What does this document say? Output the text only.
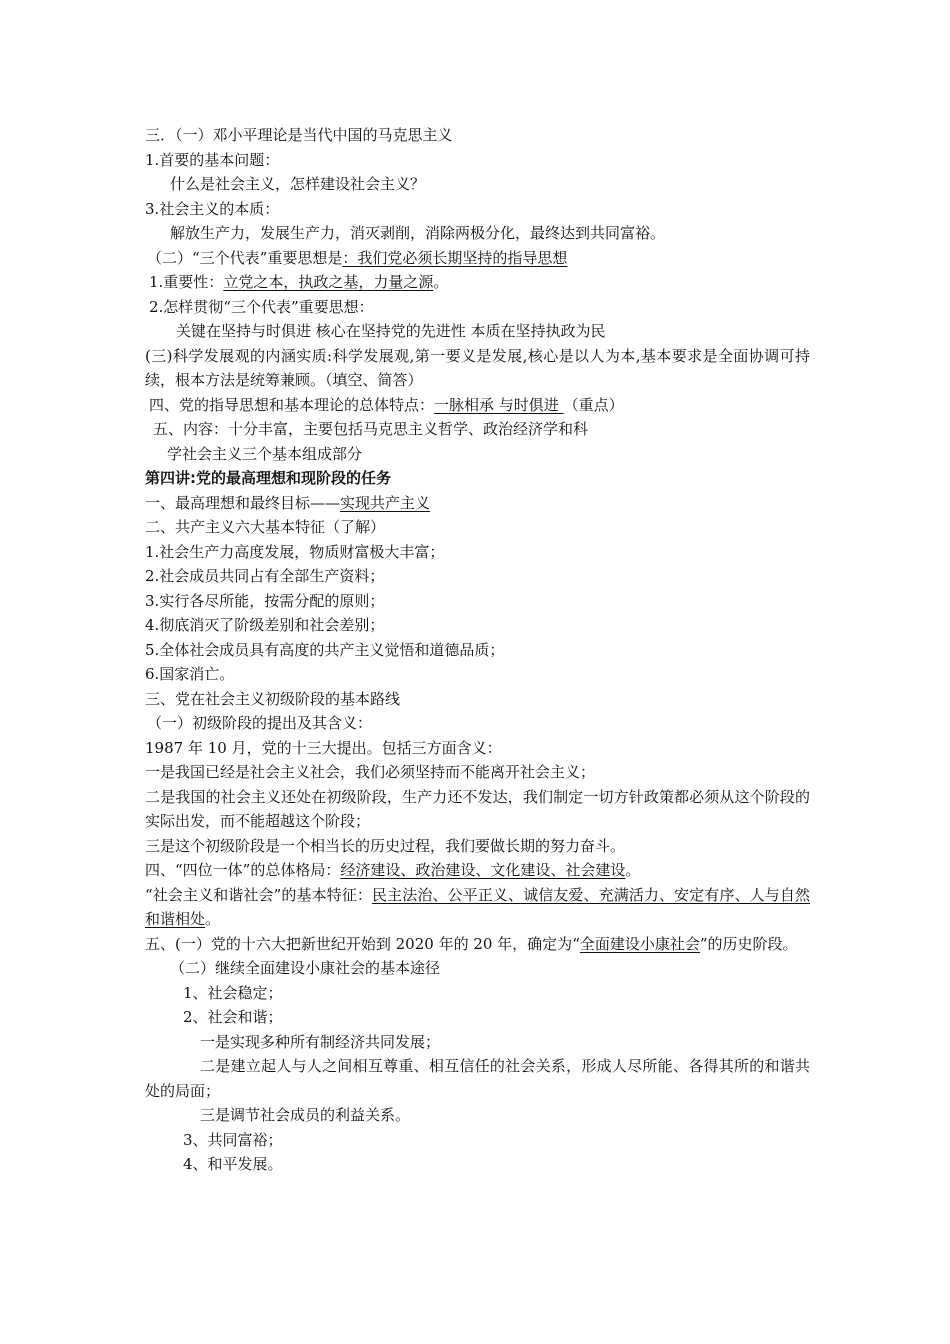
三．（一）邓小平理论是当代中国的马克思主义
1.首要的基本问题：
什么是社会主义，怎样建设社会主义？
3.社会主义的本质：
解放生产力，发展生产力，消灭剥削，消除两极分化，最终达到共同富裕。
（二）“三个代表”重要思想是：我们党必须长期坚持的指导思想
1.重要性：立党之本，执政之基，力量之源。
2.怎样贯彻“三个代表”重要思想：
关键在坚持与时俱进 核心在坚持党的先进性 本质在坚持执政为民
(三)科学发展观的内涵实质:科学发展观,第一要义是发展,核心是以人为本,基本要求是全面协调可持续，根本方法是统筹兼顾。（填空、简答）
四、党的指导思想和基本理论的总体特点：一脉相承 与时俱进 （重点）
五、内容：十分丰富，主要包括马克思主义哲学、政治经济学和科
学社会主义三个基本组成部分
第四讲:党的最高理想和现阶段的任务
一、最高理想和最终目标——实现共产主义
二、共产主义六大基本特征（了解）
1.社会生产力高度发展，物质财富极大丰富；
2.社会成员共同占有全部生产资料；
3.实行各尽所能，按需分配的原则；
4.彻底消灭了阶级差别和社会差别；
5.全体社会成员具有高度的共产主义觉悟和道德品质；
6.国家消亡。
三、党在社会主义初级阶段的基本路线
（一）初级阶段的提出及其含义：
1987 年 10 月，党的十三大提出。包括三方面含义：
一是我国已经是社会主义社会，我们必须坚持而不能离开社会主义；
二是我国的社会主义还处在初级阶段，生产力还不发达，我们制定一切方针政策都必须从这个阶段的实际出发，而不能超越这个阶段；
三是这个初级阶段是一个相当长的历史过程，我们要做长期的努力奋斗。
四、“四位一体”的总体格局：经济建设、政治建设、文化建设、社会建设。
“社会主义和谐社会”的基本特征：民主法治、公平正义、诚信友爱、充满活力、安定有序、人与自然和谐相处。
五、(一）党的十六大把新世纪开始到 2020 年的 20 年，确定为“全面建设小康社会”的历史阶段。
（二）继续全面建设小康社会的基本途径
1、社会稳定；
2、社会和谐；
一是实现多种所有制经济共同发展；
二是建立起人与人之间相互尊重、相互信任的社会关系，形成人尽所能、各得其所的和谐共处的局面；
三是调节社会成员的利益关系。
3、共同富裕；
4、和平发展。
